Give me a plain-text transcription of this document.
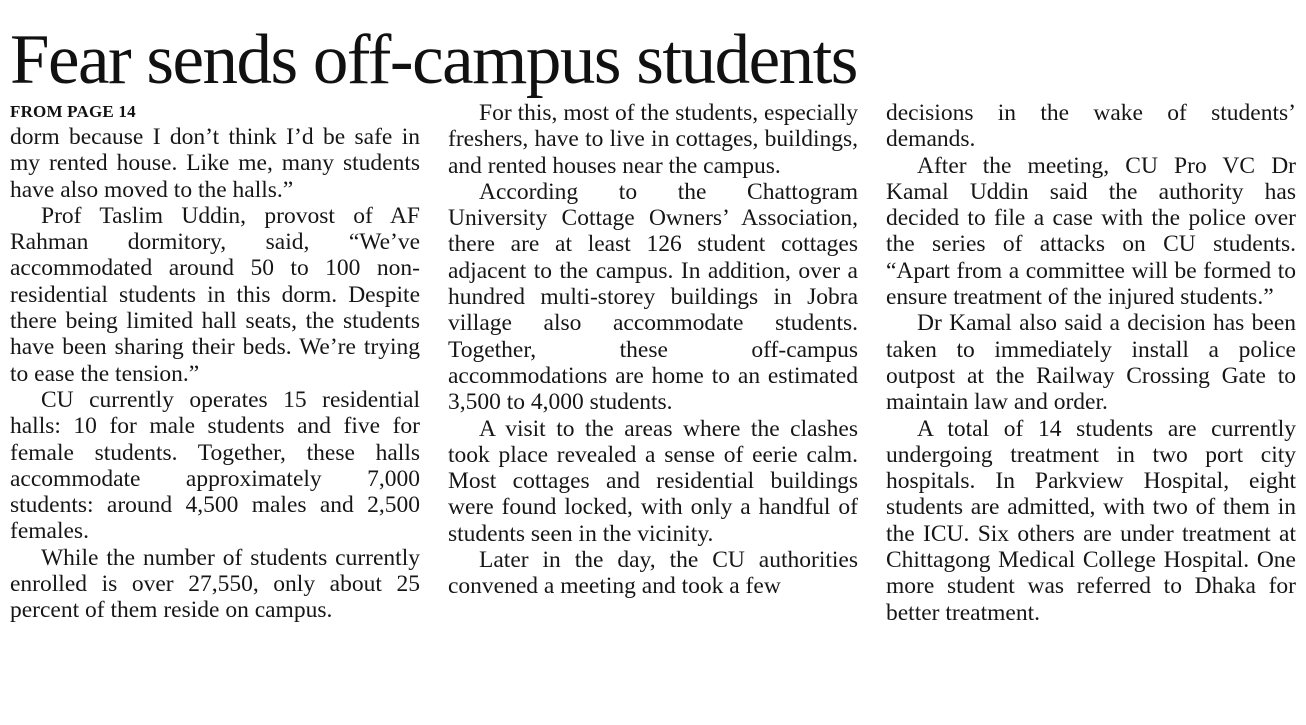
Fear sends off-campus students
FROM PAGE 14

dorm because I don’t think I’d be safe in my rented house. Like me, many students have also moved to the halls.”

Prof Taslim Uddin, provost of AF Rahman dormitory, said, “We’ve accommodated around 50 to 100 non-residential students in this dorm. Despite there being limited hall seats, the students have been sharing their beds. We’re trying to ease the tension.”

CU currently operates 15 residential halls: 10 for male students and five for female students. Together, these halls accommodate approximately 7,000 students: around 4,500 males and 2,500 females.

While the number of students currently enrolled is over 27,550, only about 25 percent of them reside on campus.

For this, most of the students, especially freshers, have to live in cottages, buildings, and rented houses near the campus.

According to the Chattogram University Cottage Owners’ Association, there are at least 126 student cottages adjacent to the campus. In addition, over a hundred multi-storey buildings in Jobra village also accommodate students. Together, these off-campus accommodations are home to an estimated 3,500 to 4,000 students.

A visit to the areas where the clashes took place revealed a sense of eerie calm. Most cottages and residential buildings were found locked, with only a handful of students seen in the vicinity.

Later in the day, the CU authorities convened a meeting and took a few

decisions in the wake of students’ demands.

After the meeting, CU Pro VC Dr Kamal Uddin said the authority has decided to file a case with the police over the series of attacks on CU students. “Apart from a committee will be formed to ensure treatment of the injured students.”

Dr Kamal also said a decision has been taken to immediately install a police outpost at the Railway Crossing Gate to maintain law and order.

A total of 14 students are currently undergoing treatment in two port city hospitals. In Parkview Hospital, eight students are admitted, with two of them in the ICU. Six others are under treatment at Chittagong Medical College Hospital. One more student was referred to Dhaka for better treatment.
